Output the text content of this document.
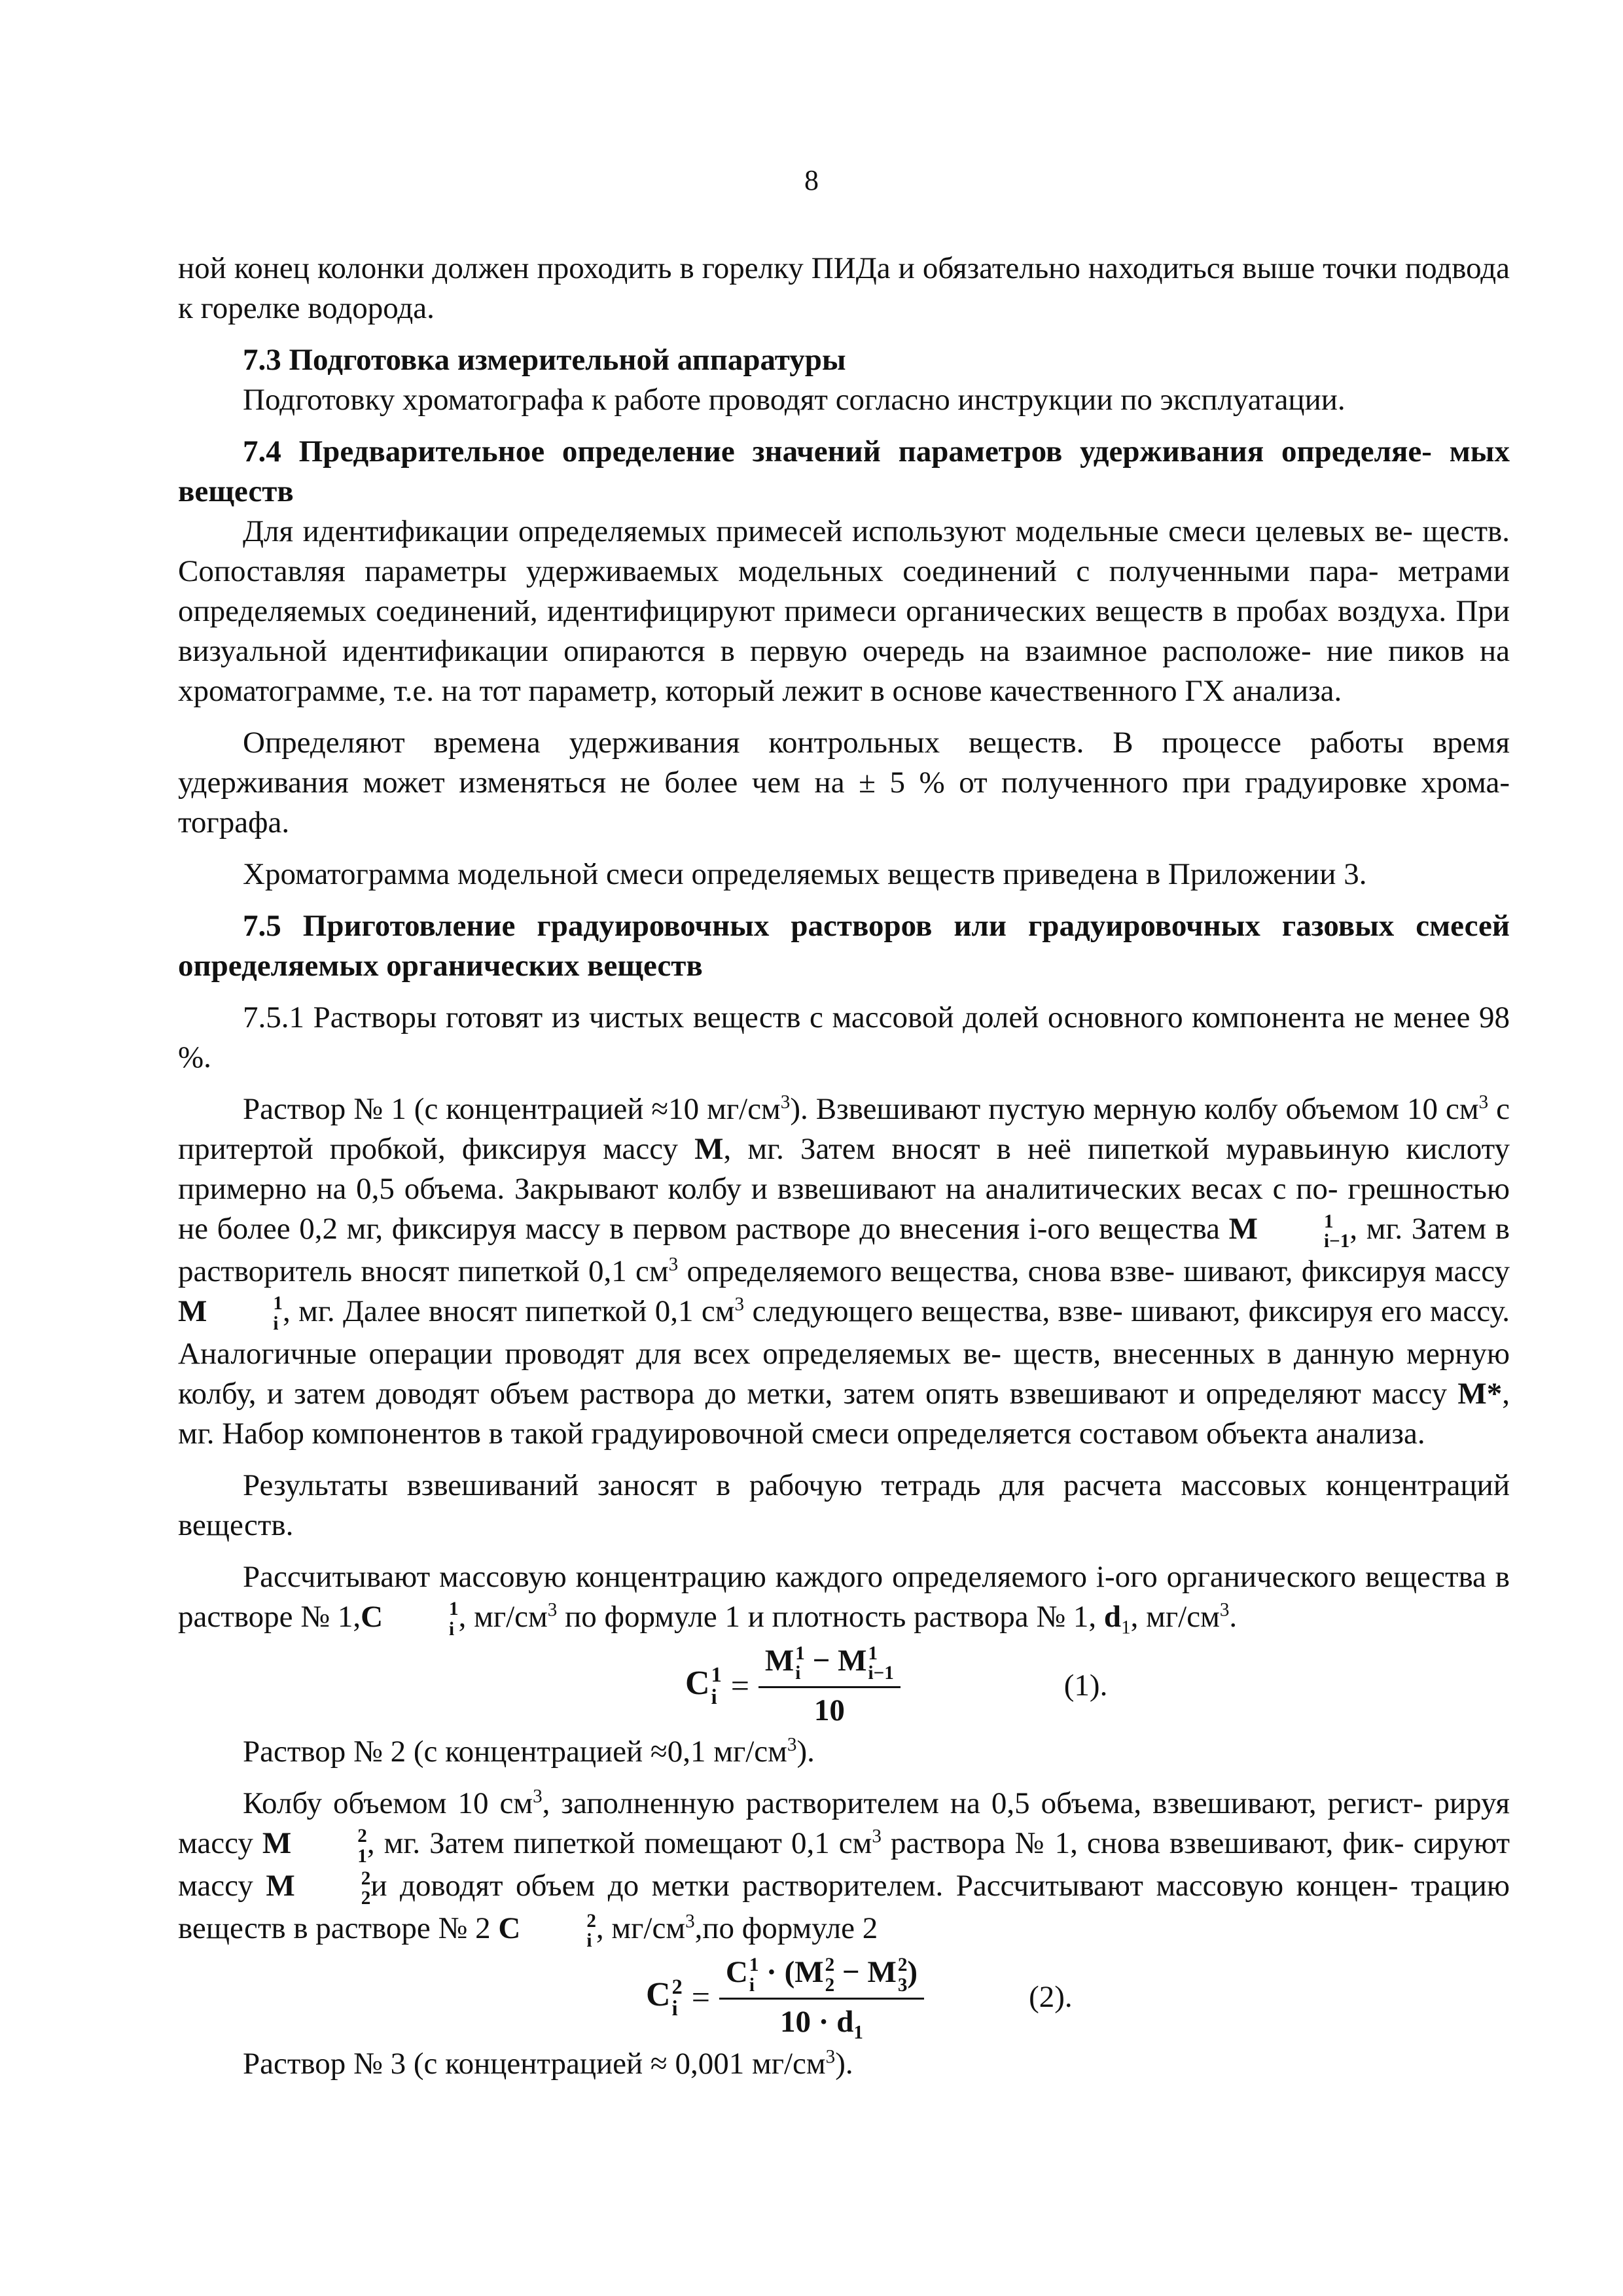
8

ной конец колонки должен проходить в горелку ПИДа и обязательно находиться выше точки подвода к горелке водорода.

7.3 Подготовка измерительной аппаратуры

Подготовку хроматографа к работе проводят согласно инструкции по эксплуатации.

7.4 Предварительное определение значений параметров удерживания определяе- мых веществ

Для идентификации определяемых примесей используют модельные смеси целевых ве- ществ. Сопоставляя параметры удерживаемых модельных соединений с полученными пара- метрами определяемых соединений, идентифицируют примеси органических веществ в пробах воздуха. При визуальной идентификации опираются в первую очередь на взаимное расположе- ние пиков на хроматограмме, т.е. на тот параметр, который лежит в основе качественного ГХ анализа.

Определяют времена удерживания контрольных веществ. В процессе работы время удерживания может изменяться не более чем на ± 5 % от полученного при градуировке хрома- тографа.

Хроматограмма модельной смеси определяемых веществ приведена в Приложении 3.

7.5 Приготовление градуировочных растворов или градуировочных газовых смесей определяемых органических веществ

7.5.1 Растворы готовят из чистых веществ с массовой долей основного компонента не менее 98 %.

Раствор № 1 (с концентрацией ≈10 $мг/см^3$). Взвешивают пустую мерную колбу объемом 10 $см^3$ с притертой пробкой, фиксируя массу M, мг. Затем вносят в неё пипеткой муравьиную кислоту примерно на 0,5 объема. Закрывают колбу и взвешивают на аналитических весах с по- грешностью не более 0,2 мг, фиксируя массу в первом растворе до внесения i-ого вещества M	1
i−1 , мг. Затем в растворитель вносят пипеткой 0,1 $см^3$ определяемого вещества, снова взве- шивают, фиксируя массу M	1
i , мг. Далее вносят пипеткой 0,1 $см^3$ следующего вещества, взве- шивают, фиксируя его массу. Аналогичные операции проводят для всех определяемых ве- ществ, внесенных в данную мерную колбу, и затем доводят объем раствора до метки, затем опять взвешивают и определяют массу M*, мг. Набор компонентов в такой градуировочной смеси определяется составом объекта анализа.

Результаты взвешиваний заносят в рабочую тетрадь для расчета массовых концентраций веществ.

Рассчитывают массовую концентрацию каждого определяемого i-ого органического вещества в растворе № 1,C	1
i , $мг/см^3$ по формуле 1 и плотность раствора № 1, $d_1$, $мг/см^3$.

C 1
i = M 1
i − M 1
i−1
10	(1).

Раствор № 2 (с концентрацией ≈0,1 $мг/см^3$).

Колбу объемом 10 $см^3$, заполненную растворителем на 0,5 объема, взвешивают, регист- рируя массу M	2
1 , мг. Затем пипеткой помещают 0,1 $см^3$ раствора № 1, снова взвешивают, фик- сируют массу M	2
2 и доводят объем до метки растворителем. Рассчитывают массовую концен- трацию веществ в растворе № 2 C	2
i , $мг/см^3,по$ формуле 2

C 2
i = C 1
i · (M 2
2 − M 2
3 )
$10 \cdot d_1$	(2).

Раствор № 3 (с концентрацией ≈ 0,001 $мг/см^3$).
